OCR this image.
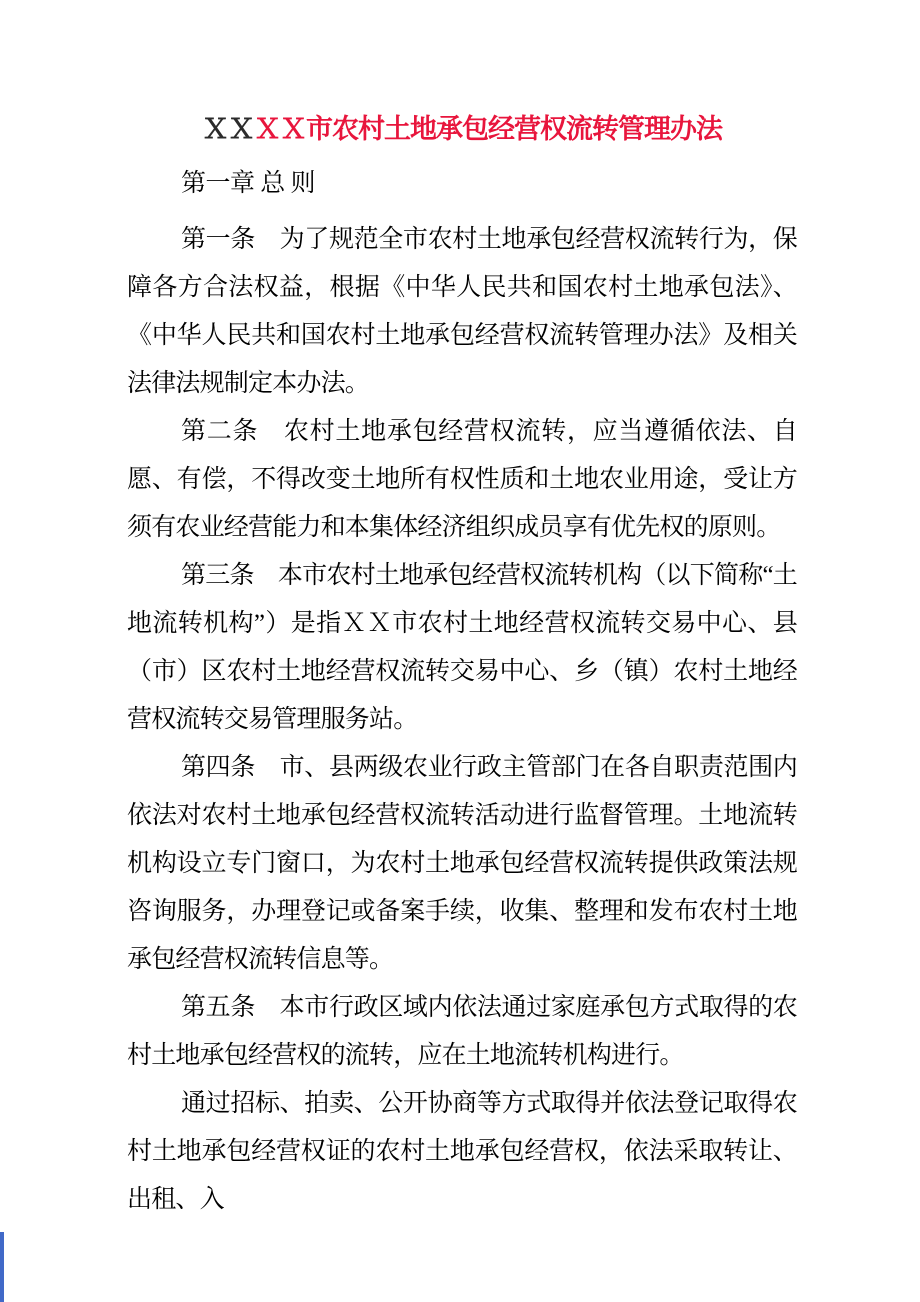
ＸＸＸＸ市农村土地承包经营权流转管理办法

第一章 总 则

第一条　为了规范全市农村土地承包经营权流转行为，保障各方合法权益，根据《中华人民共和国农村土地承包法》、《中华人民共和国农村土地承包经营权流转管理办法》及相关法律法规制定本办法。

第二条　农村土地承包经营权流转，应当遵循依法、自愿、有偿，不得改变土地所有权性质和土地农业用途，受让方须有农业经营能力和本集体经济组织成员享有优先权的原则。

第三条　本市农村土地承包经营权流转机构（以下简称“土地流转机构”）是指ＸＸ市农村土地经营权流转交易中心、县（市）区农村土地经营权流转交易中心、乡（镇）农村土地经营权流转交易管理服务站。

第四条　市、县两级农业行政主管部门在各自职责范围内依法对农村土地承包经营权流转活动进行监督管理。土地流转机构设立专门窗口，为农村土地承包经营权流转提供政策法规咨询服务，办理登记或备案手续，收集、整理和发布农村土地承包经营权流转信息等。

第五条　本市行政区域内依法通过家庭承包方式取得的农村土地承包经营权的流转，应在土地流转机构进行。

通过招标、拍卖、公开协商等方式取得并依法登记取得农村土地承包经营权证的农村土地承包经营权，依法采取转让、出租、入
